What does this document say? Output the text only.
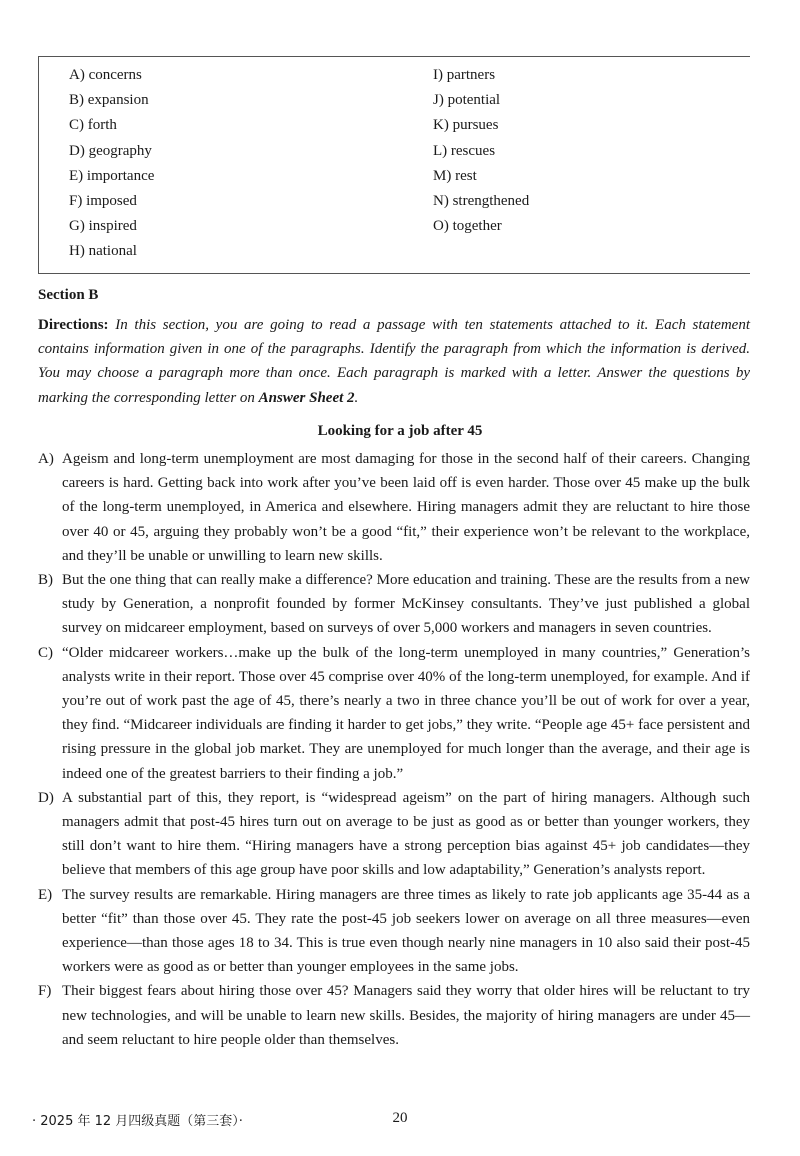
A) concerns
B) expansion
C) forth
D) geography
E) importance
F) imposed
G) inspired
H) national
I) partners
J) potential
K) pursues
L) rescues
M) rest
N) strengthened
O) together
Section B
Directions: In this section, you are going to read a passage with ten statements attached to it. Each statement contains information given in one of the paragraphs. Identify the paragraph from which the information is derived. You may choose a paragraph more than once. Each paragraph is marked with a letter. Answer the questions by marking the corresponding letter on Answer Sheet 2.
Looking for a job after 45
A) Ageism and long-term unemployment are most damaging for those in the second half of their careers. Changing careers is hard. Getting back into work after you’ve been laid off is even harder. Those over 45 make up the bulk of the long-term unemployed, in America and elsewhere. Hiring managers admit they are reluctant to hire those over 40 or 45, arguing they probably won’t be a good “fit,” their experience won’t be relevant to the workplace, and they’ll be unable or unwilling to learn new skills.
B) But the one thing that can really make a difference? More education and training. These are the results from a new study by Generation, a nonprofit founded by former McKinsey consultants. They’ve just published a global survey on midcareer employment, based on surveys of over 5,000 workers and managers in seven countries.
C) “Older midcareer workers…make up the bulk of the long-term unemployed in many countries,” Generation’s analysts write in their report. Those over 45 comprise over 40% of the long-term unemployed, for example. And if you’re out of work past the age of 45, there’s nearly a two in three chance you’ll be out of work for over a year, they find. “Midcareer individuals are finding it harder to get jobs,” they write. “People age 45+ face persistent and rising pressure in the global job market. They are unemployed for much longer than the average, and their age is indeed one of the greatest barriers to their finding a job.”
D) A substantial part of this, they report, is “widespread ageism” on the part of hiring managers. Although such managers admit that post-45 hires turn out on average to be just as good as or better than younger workers, they still don’t want to hire them. “Hiring managers have a strong perception bias against 45+ job candidates—they believe that members of this age group have poor skills and low adaptability,” Generation’s analysts report.
E) The survey results are remarkable. Hiring managers are three times as likely to rate job applicants age 35-44 as a better “fit” than those over 45. They rate the post-45 job seekers lower on average on all three measures—even experience—than those ages 18 to 34. This is true even though nearly nine managers in 10 also said their post-45 workers were as good as or better than younger employees in the same jobs.
F) Their biggest fears about hiring those over 45? Managers said they worry that older hires will be reluctant to try new technologies, and will be unable to learn new skills. Besides, the majority of hiring managers are under 45—and seem reluctant to hire people older than themselves.
· 2025 年 12 月四级真题（第三套）·	20
